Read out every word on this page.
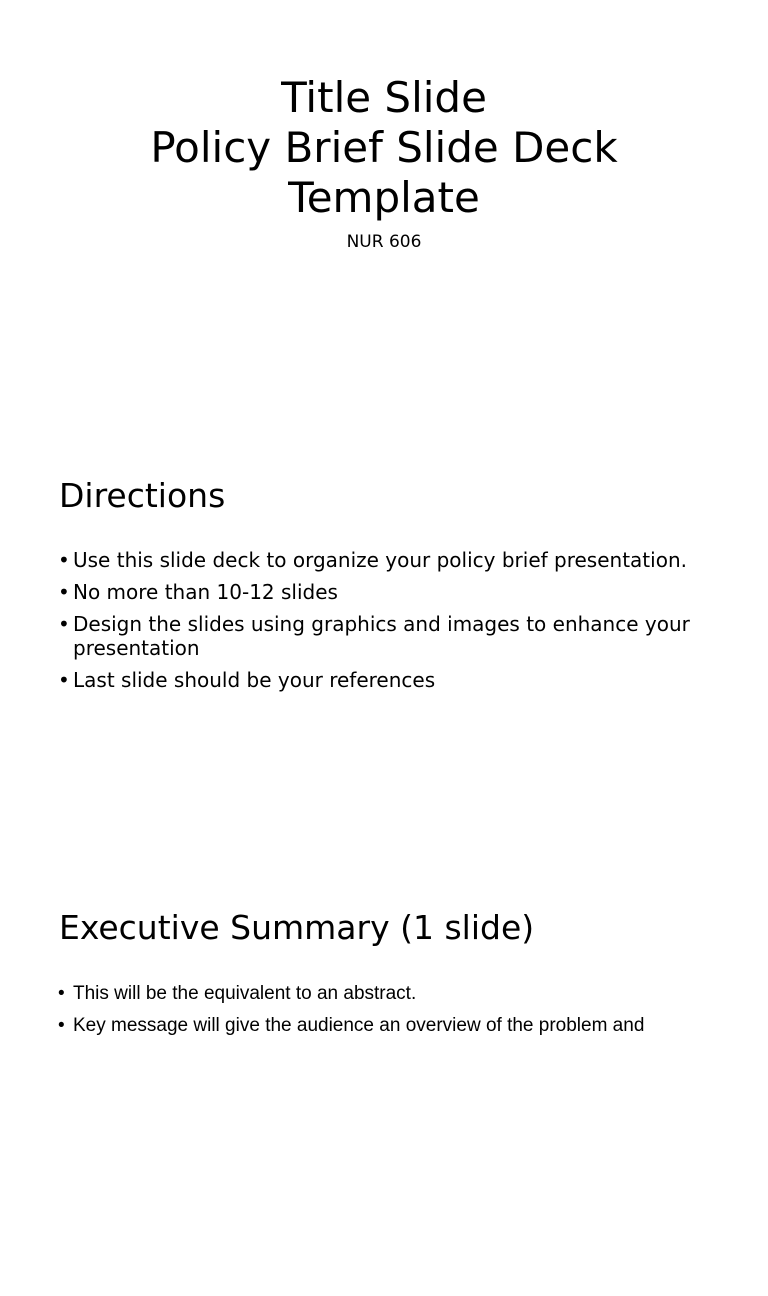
Title Slide
Policy Brief Slide Deck
Template
NUR 606
Directions
• Use this slide deck to organize your policy brief presentation.
• No more than 10-12 slides
• Design the slides using graphics and images to enhance your presentation
• Last slide should be your references
Executive Summary (1 slide)
• This will be the equivalent to an abstract.
• Key message will give the audience an overview of the problem and
